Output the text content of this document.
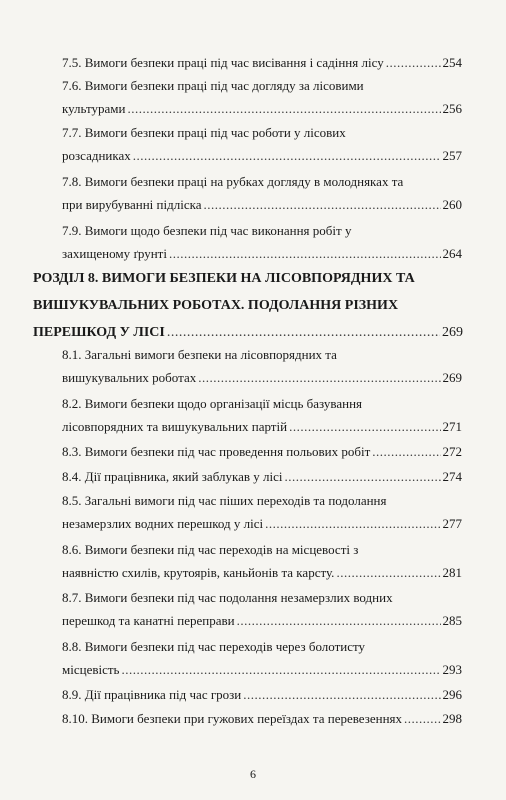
7.5. Вимоги безпеки праці під час висівання і садіння лісу .....	254
7.6. Вимоги безпеки праці під час догляду за лісовими
культурами .....	256
7.7. Вимоги безпеки праці під час роботи у лісових
розсадниках .....	257
7.8. Вимоги безпеки праці на рубках догляду в молодняках та
при вирубуванні підліска .....	260
7.9. Вимоги щодо безпеки під час виконання робіт у
захищеному ґрунті .....	264
РОЗДІЛ 8. ВИМОГИ БЕЗПЕКИ НА ЛІСОВПОРЯДНИХ ТА
ВИШУКУВАЛЬНИХ РОБОТАХ. ПОДОЛАННЯ РІЗНИХ
ПЕРЕШКОД У ЛІСІ .....	269
8.1. Загальні вимоги безпеки на лісовпорядних та
вишукувальних роботах .....	269
8.2. Вимоги безпеки щодо організації місць базування
лісовпорядних та вишукувальних партій .....	271
8.3. Вимоги безпеки під час проведення польових робіт .....	272
8.4. Дії працівника, який заблукав у лісі .....	274
8.5. Загальні вимоги під час піших переходів та подолання
незамерзлих водних перешкод у лісі .....	277
8.6. Вимоги безпеки під час переходів на місцевості з
наявністю схилів, крутоярів, каньйонів та карсту. .....	281
8.7. Вимоги безпеки під час подолання незамерзлих водних
перешкод та канатні переправи .....	285
8.8. Вимоги безпеки під час переходів через болотисту
місцевість .....	293
8.9. Дії працівника під час грози .....	296
8.10. Вимоги безпеки при гужових переїздах та перевезеннях .....	298
6
